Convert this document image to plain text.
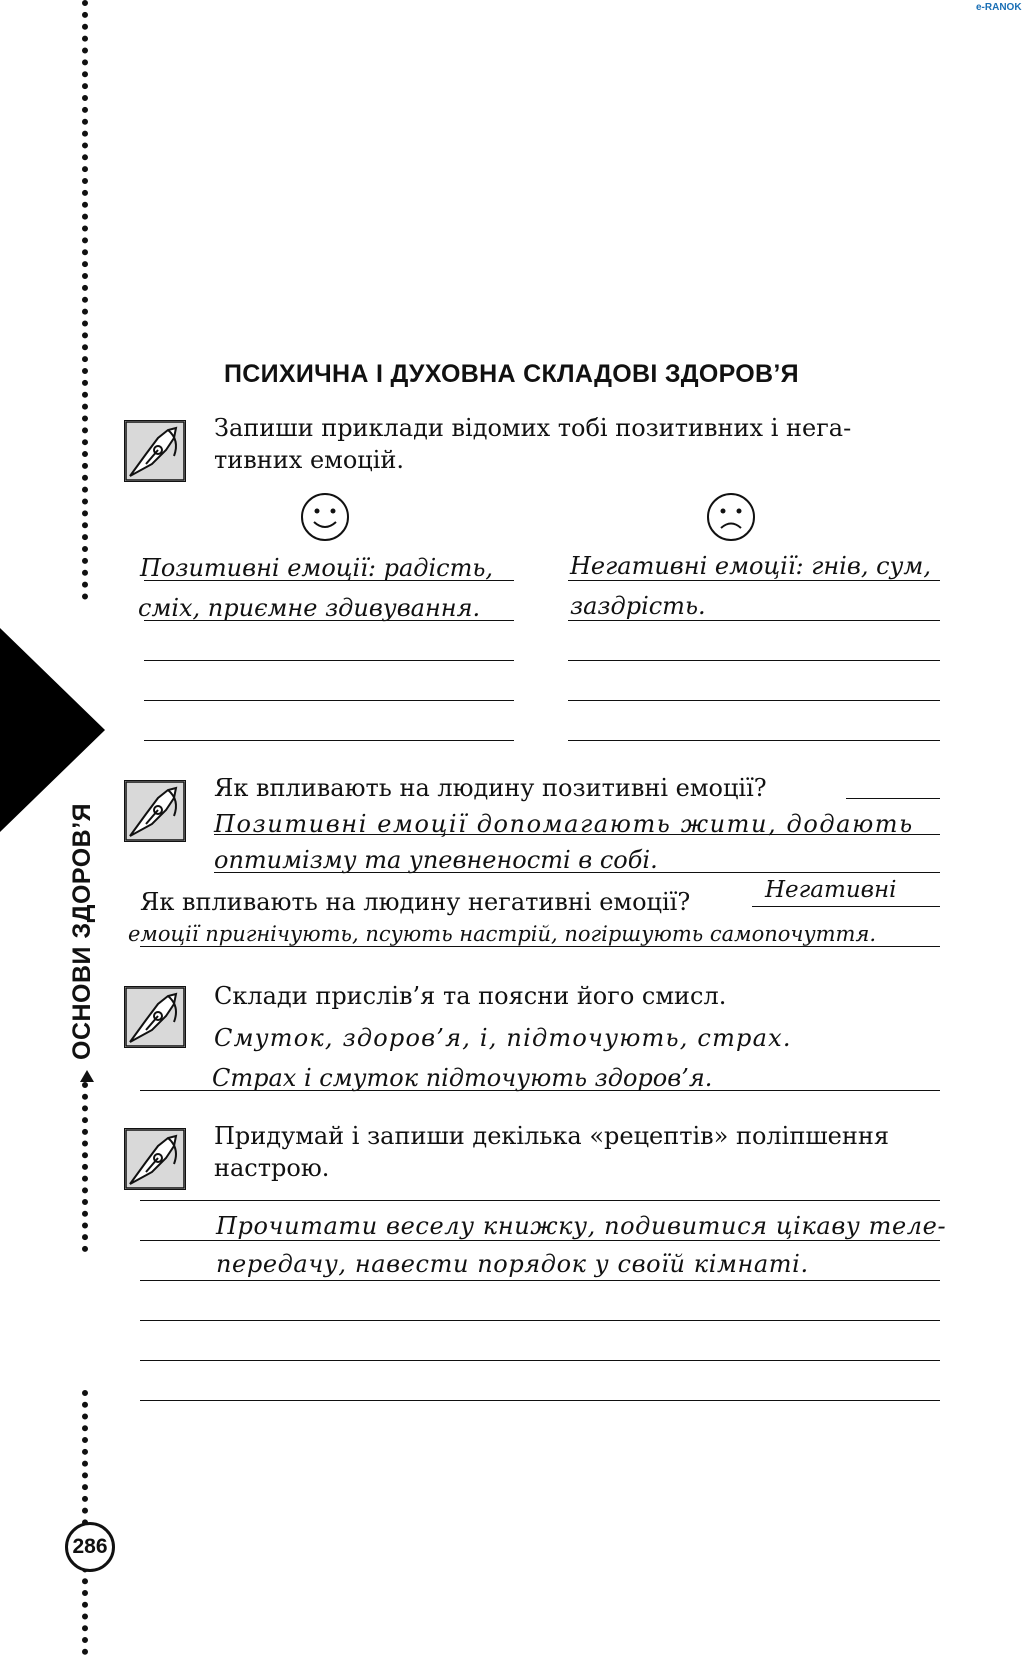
ОСНОВИ ЗДОРОВ’Я
286
e-RANOK
ПСИХИЧНА І ДУХОВНА СКЛАДОВІ ЗДОРОВ’Я
Запиши приклади відомих тобі позитивних і нега-
тивних емоцій.
Позитивні емоції: радість,
сміх, приємне здивування.
Негативні емоції: гнів, сум,
заздрість.
Як впливають на людину позитивні емоції?
Позитивні емоції допомагають жити, додають
оптимізму та упевненості в собі.
Як впливають на людину негативні емоції?	Негативні
емоції пригнічують, псують настрій, погіршують самопочуття.
Склади прислів’я та поясни його смисл.
Смуток, здоров’я, і, підточують, страх.
Страх і смуток підточують здоров’я.
Придумай і запиши декілька «рецептів» поліпшення
настрою.
Прочитати веселу книжку, подивитися цікаву теле-
передачу, навести порядок у своїй кімнаті.
